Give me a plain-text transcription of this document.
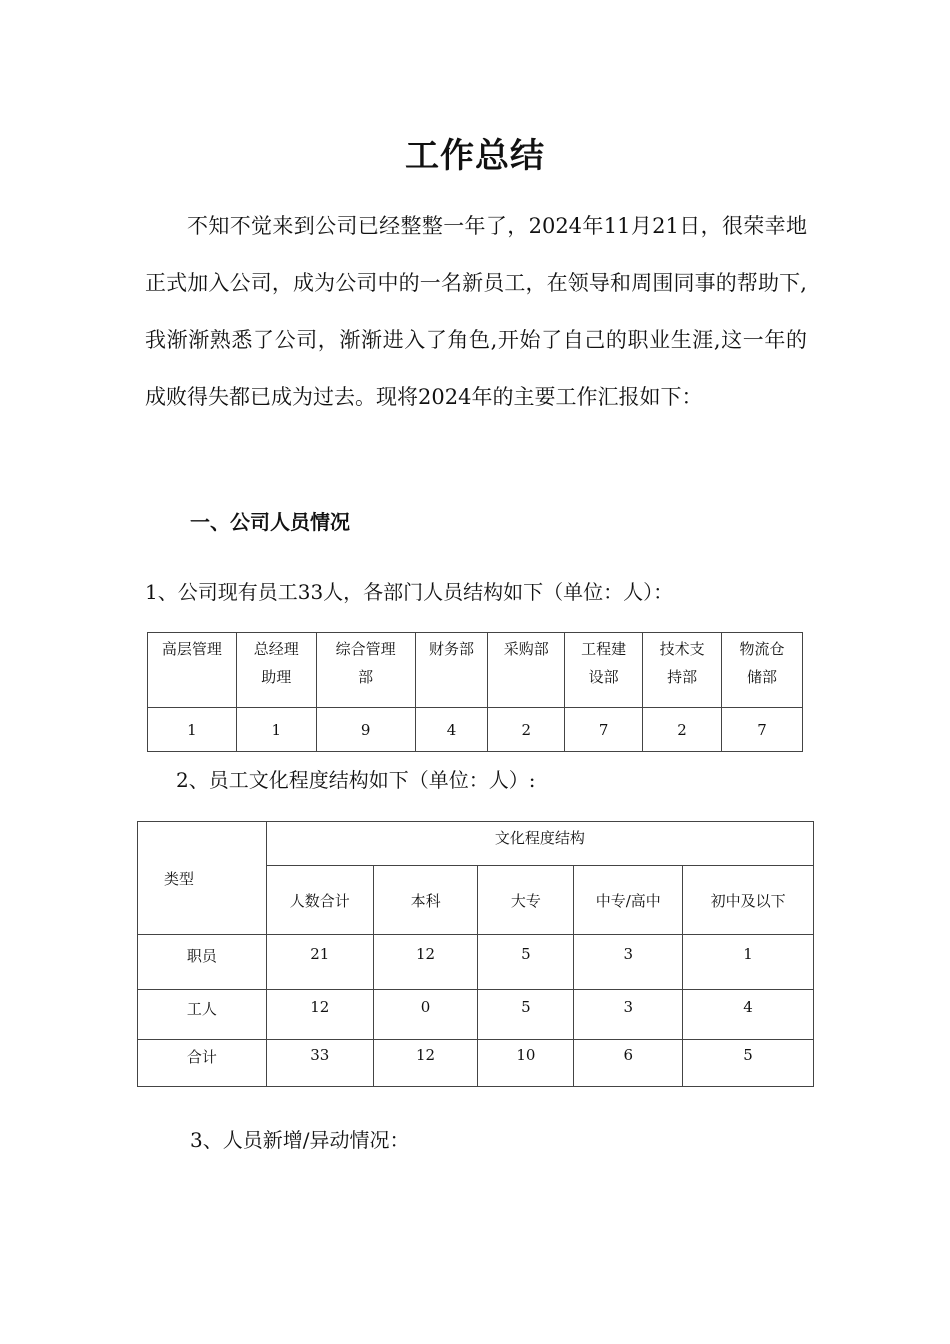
工作总结
不知不觉来到公司已经整整一年了，2024年11月21日，很荣幸地正式加入公司，成为公司中的一名新员工，在领导和周围同事的帮助下,我渐渐熟悉了公司，渐渐进入了角色,开始了自己的职业生涯,这一年的成败得失都已成为过去。现将2024年的主要工作汇报如下：
一、公司人员情况
1、公司现有员工33人，各部门人员结构如下（单位：人）：
高层管理	总经理助理	综合管理部	财务部	采购部	工程建设部	技术支持部	物流仓储部
1	1	9	4	2	7	2	7
2、员工文化程度结构如下（单位：人）:
类型	文化程度结构				
	人数合计	本科	大专	中专/高中	初中及以下
职员	21	12	5	3	1
工人	12	0	5	3	4
合计	33	12	10	6	5
3、人员新增/异动情况：
